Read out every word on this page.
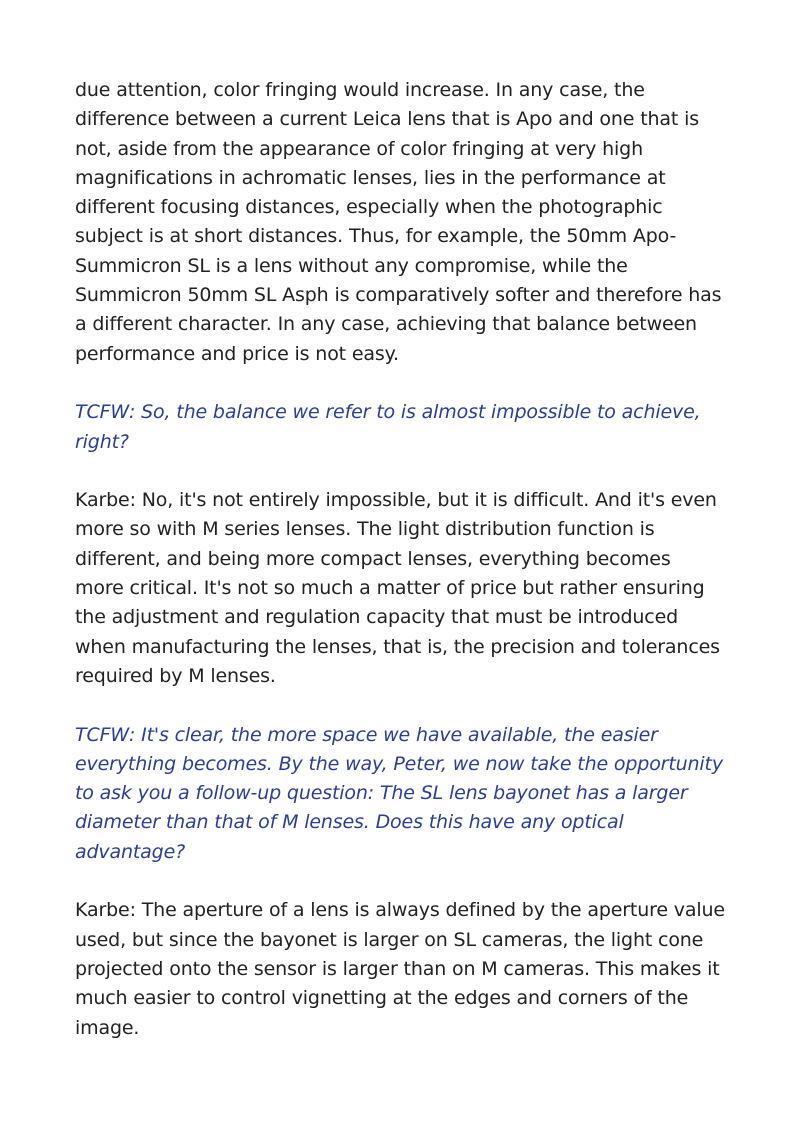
due attention, color fringing would increase. In any case, the difference between a current Leica lens that is Apo and one that is not, aside from the appearance of color fringing at very high magnifications in achromatic lenses, lies in the performance at different focusing distances, especially when the photographic subject is at short distances. Thus, for example, the 50mm Apo-Summicron SL is a lens without any compromise, while the Summicron 50mm SL Asph is comparatively softer and therefore has a different character. In any case, achieving that balance between performance and price is not easy.

TCFW: So, the balance we refer to is almost impossible to achieve, right?

Karbe: No, it's not entirely impossible, but it is difficult. And it's even more so with M series lenses. The light distribution function is different, and being more compact lenses, everything becomes more critical. It's not so much a matter of price but rather ensuring the adjustment and regulation capacity that must be introduced when manufacturing the lenses, that is, the precision and tolerances required by M lenses.

TCFW: It's clear, the more space we have available, the easier everything becomes. By the way, Peter, we now take the opportunity to ask you a follow-up question: The SL lens bayonet has a larger diameter than that of M lenses. Does this have any optical advantage?

Karbe: The aperture of a lens is always defined by the aperture value used, but since the bayonet is larger on SL cameras, the light cone projected onto the sensor is larger than on M cameras. This makes it much easier to control vignetting at the edges and corners of the image.
